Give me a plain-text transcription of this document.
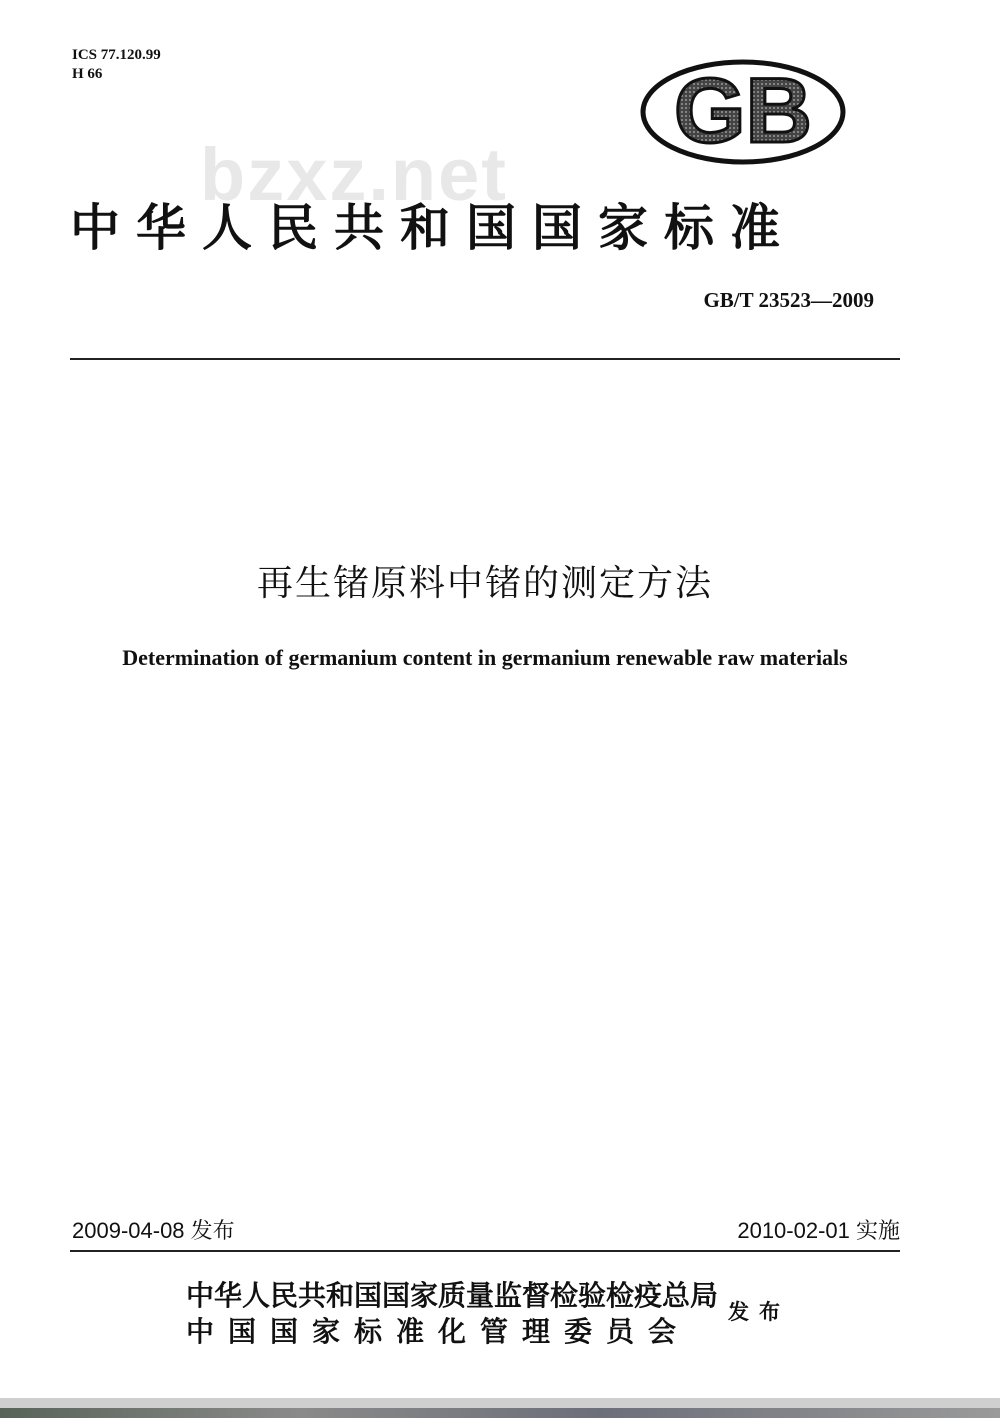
ICS 77.120.99
H 66	GB
bzxz.net
中华人民共和国国家标准
GB/T 23523—2009
再生锗原料中锗的测定方法
Determination of germanium content in germanium renewable raw materials
2009-04-08 发布	2010-02-01 实施
中华人民共和国国家质量监督检验检疫总局
中国国家标准化管理委员会
发布
